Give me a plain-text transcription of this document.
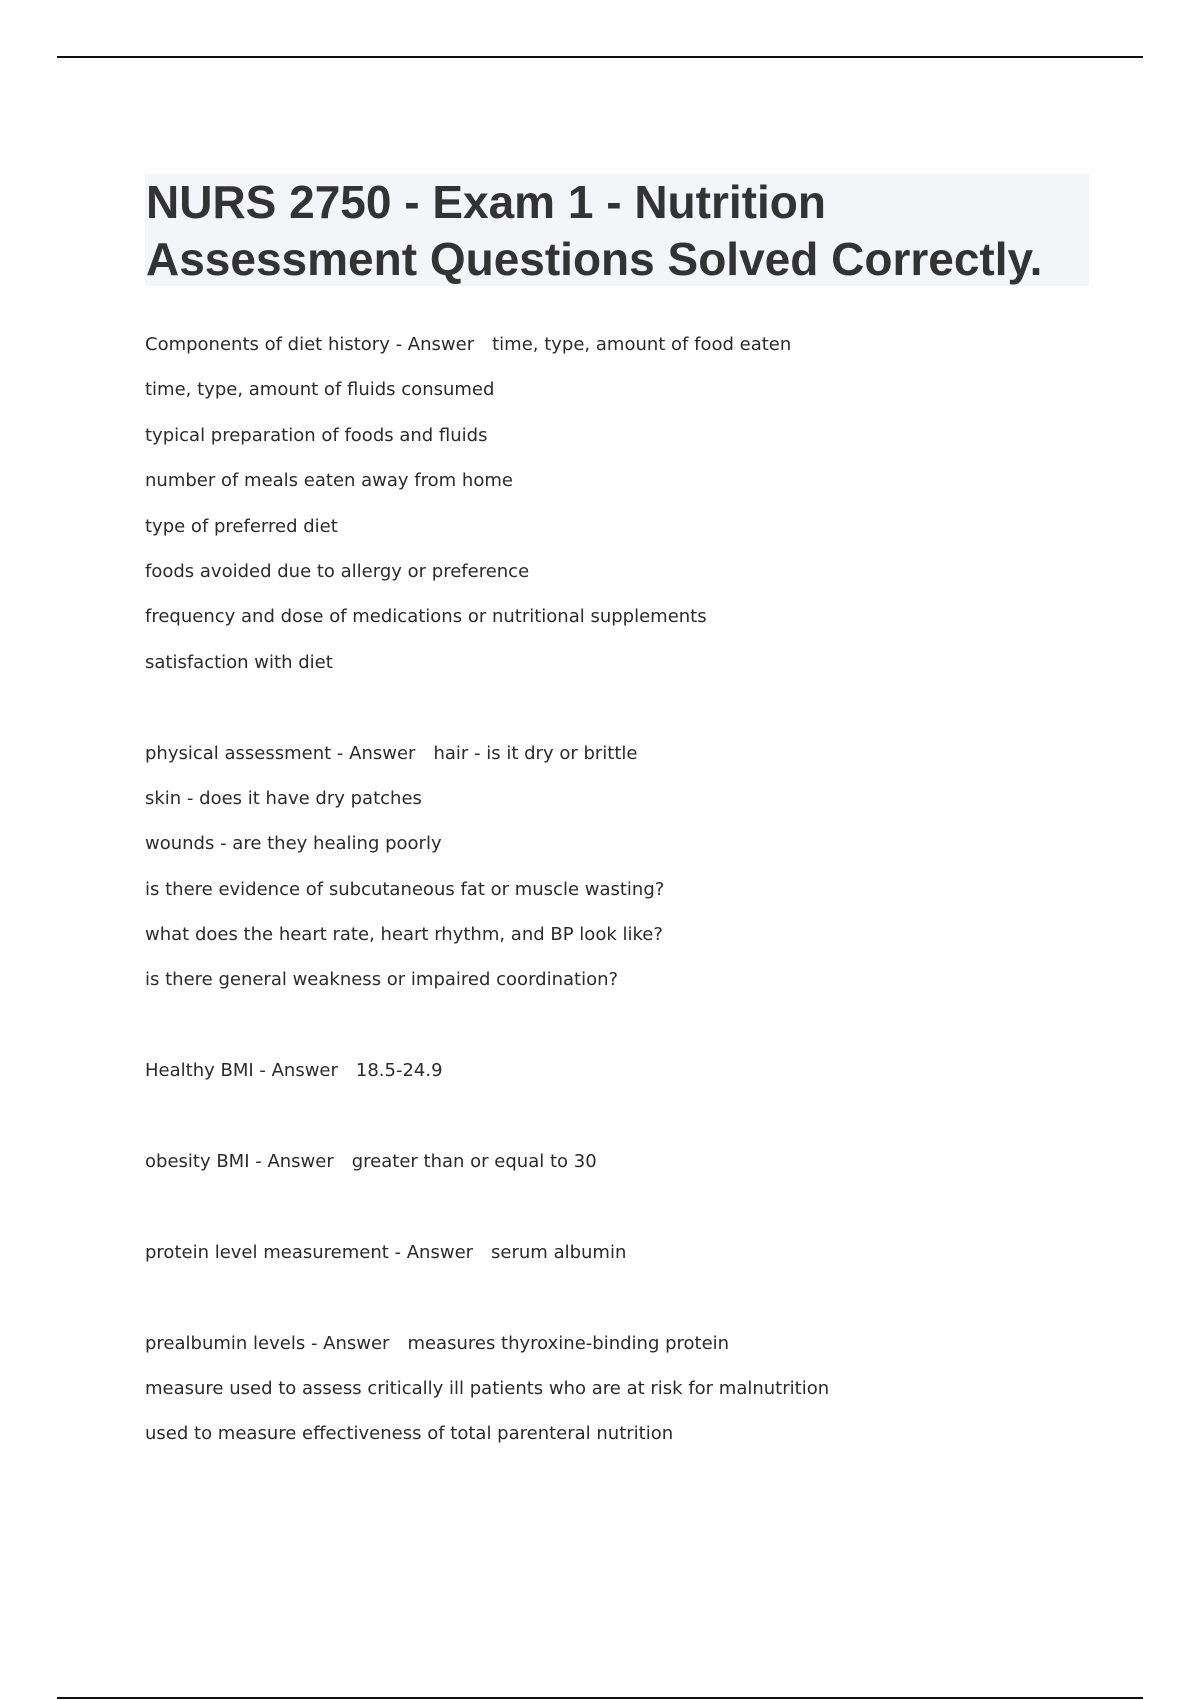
NURS 2750 - Exam 1 - Nutrition
Assessment Questions Solved Correctly.
Components of diet history - Answer time, type, amount of food eaten
time, type, amount of fluids consumed
typical preparation of foods and fluids
number of meals eaten away from home
type of preferred diet
foods avoided due to allergy or preference
frequency and dose of medications or nutritional supplements
satisfaction with diet
physical assessment - Answer hair - is it dry or brittle
skin - does it have dry patches
wounds - are they healing poorly
is there evidence of subcutaneous fat or muscle wasting?
what does the heart rate, heart rhythm, and BP look like?
is there general weakness or impaired coordination?
Healthy BMI - Answer 18.5-24.9
obesity BMI - Answer greater than or equal to 30
protein level measurement - Answer serum albumin
prealbumin levels - Answer measures thyroxine-binding protein
measure used to assess critically ill patients who are at risk for malnutrition
used to measure effectiveness of total parenteral nutrition
